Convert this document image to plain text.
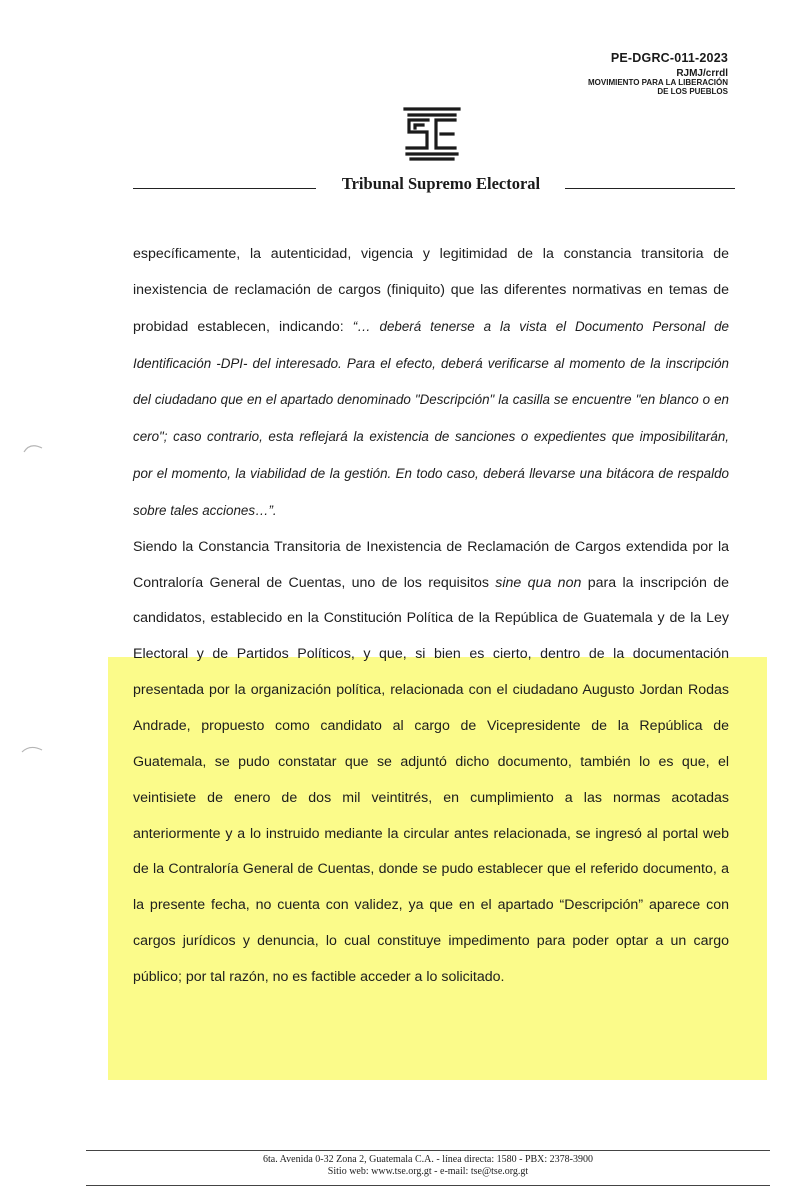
PE-DGRC-011-2023
RJMJ/crrdl
MOVIMIENTO PARA LA LIBERACIÓN
DE LOS PUEBLOS
Tribunal Supremo Electoral

específicamente, la autenticidad, vigencia y legitimidad de la constancia transitoria de inexistencia de reclamación de cargos (finiquito) que las diferentes normativas en temas de probidad establecen, indicando: “… deberá tenerse a la vista el Documento Personal de Identificación -DPI- del interesado. Para el efecto, deberá verificarse al momento de la inscripción del ciudadano que en el apartado denominado "Descripción" la casilla se encuentre "en blanco o en cero"; caso contrario, esta reflejará la existencia de sanciones o expedientes que imposibilitarán, por el momento, la viabilidad de la gestión. En todo caso, deberá llevarse una bitácora de respaldo sobre tales acciones…”.

Siendo la Constancia Transitoria de Inexistencia de Reclamación de Cargos extendida por la Contraloría General de Cuentas, uno de los requisitos sine qua non para la inscripción de candidatos, establecido en la Constitución Política de la República de Guatemala y de la Ley Electoral y de Partidos Políticos, y que, si bien es cierto, dentro de la documentación presentada por la organización política, relacionada con el ciudadano Augusto Jordan Rodas Andrade, propuesto como candidato al cargo de Vicepresidente de la República de Guatemala, se pudo constatar que se adjuntó dicho documento, también lo es que, el veintisiete de enero de dos mil veintitrés, en cumplimiento a las normas acotadas anteriormente y a lo instruido mediante la circular antes relacionada, se ingresó al portal web de la Contraloría General de Cuentas, donde se pudo establecer que el referido documento, a la presente fecha, no cuenta con validez, ya que en el apartado “Descripción” aparece con cargos jurídicos y denuncia, lo cual constituye impedimento para poder optar a un cargo público; por tal razón, no es factible acceder a lo solicitado.

6ta. Avenida 0-32 Zona 2, Guatemala C.A. - línea directa: 1580 - PBX: 2378-3900
Sitio web: www.tse.org.gt - e-mail: tse@tse.org.gt
